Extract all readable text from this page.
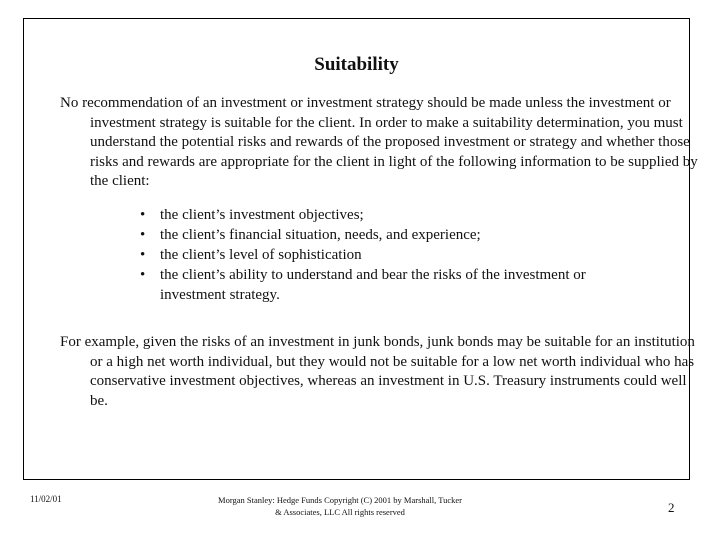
Suitability

No recommendation of an investment or investment strategy should be made unless the investment or investment strategy is suitable for the client. In order to make a suitability determination, you must understand the potential risks and rewards of the proposed investment or strategy and whether those risks and rewards are appropriate for the client in light of the following information to be supplied by the client:

• the client’s investment objectives;
• the client’s financial situation, needs, and experience;
• the client’s level of sophistication
• the client’s ability to understand and bear the risks of the investment or investment strategy.

For example, given the risks of an investment in junk bonds, junk bonds may be suitable for an institution or a high net worth individual, but they would not be suitable for a low net worth individual who has conservative investment objectives, whereas an investment in U.S. Treasury instruments could well be.

11/02/01	Morgan Stanley: Hedge Funds Copyright (C) 2001 by Marshall, Tucker & Associates, LLC All rights reserved	2
